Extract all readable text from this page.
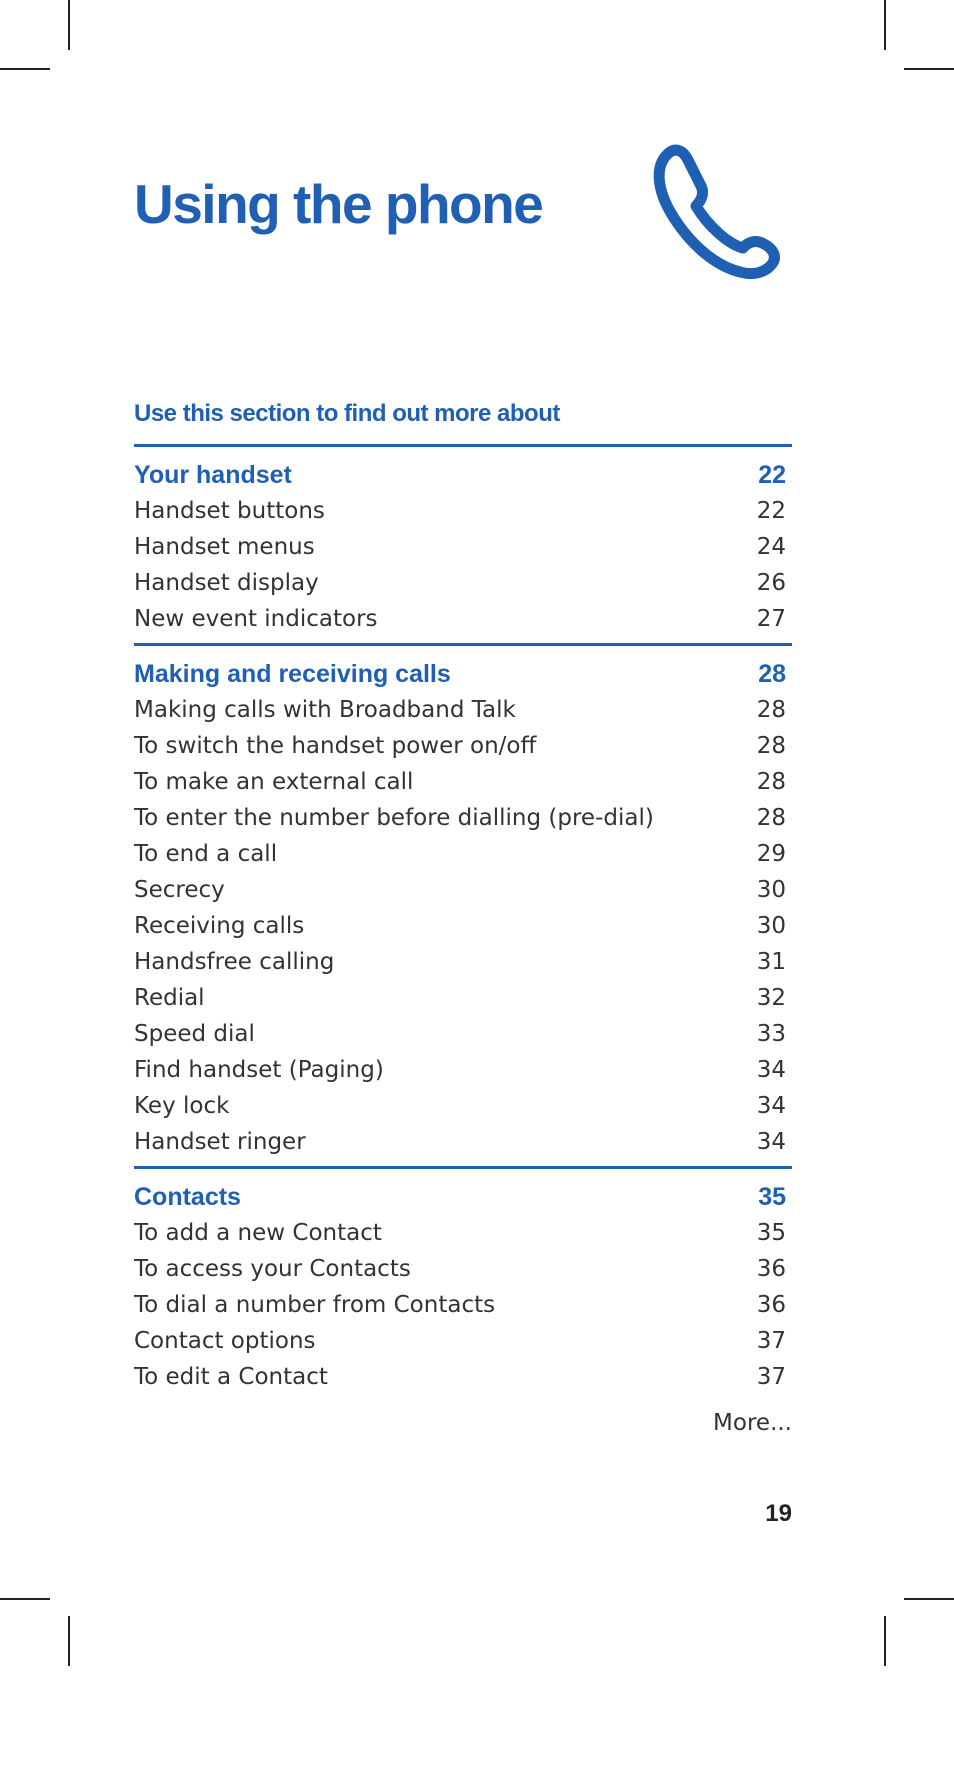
Using the phone

Use this section to find out more about

Your handset	22
Handset buttons	22
Handset menus	24
Handset display	26
New event indicators	27
Making and receiving calls	28
Making calls with Broadband Talk	28
To switch the handset power on/off	28
To make an external call	28
To enter the number before dialling (pre-dial)	28
To end a call	29
Secrecy	30
Receiving calls	30
Handsfree calling	31
Redial	32
Speed dial	33
Find handset (Paging)	34
Key lock	34
Handset ringer	34
Contacts	35
To add a new Contact	35
To access your Contacts	36
To dial a number from Contacts	36
Contact options	37
To edit a Contact	37
More...
19
